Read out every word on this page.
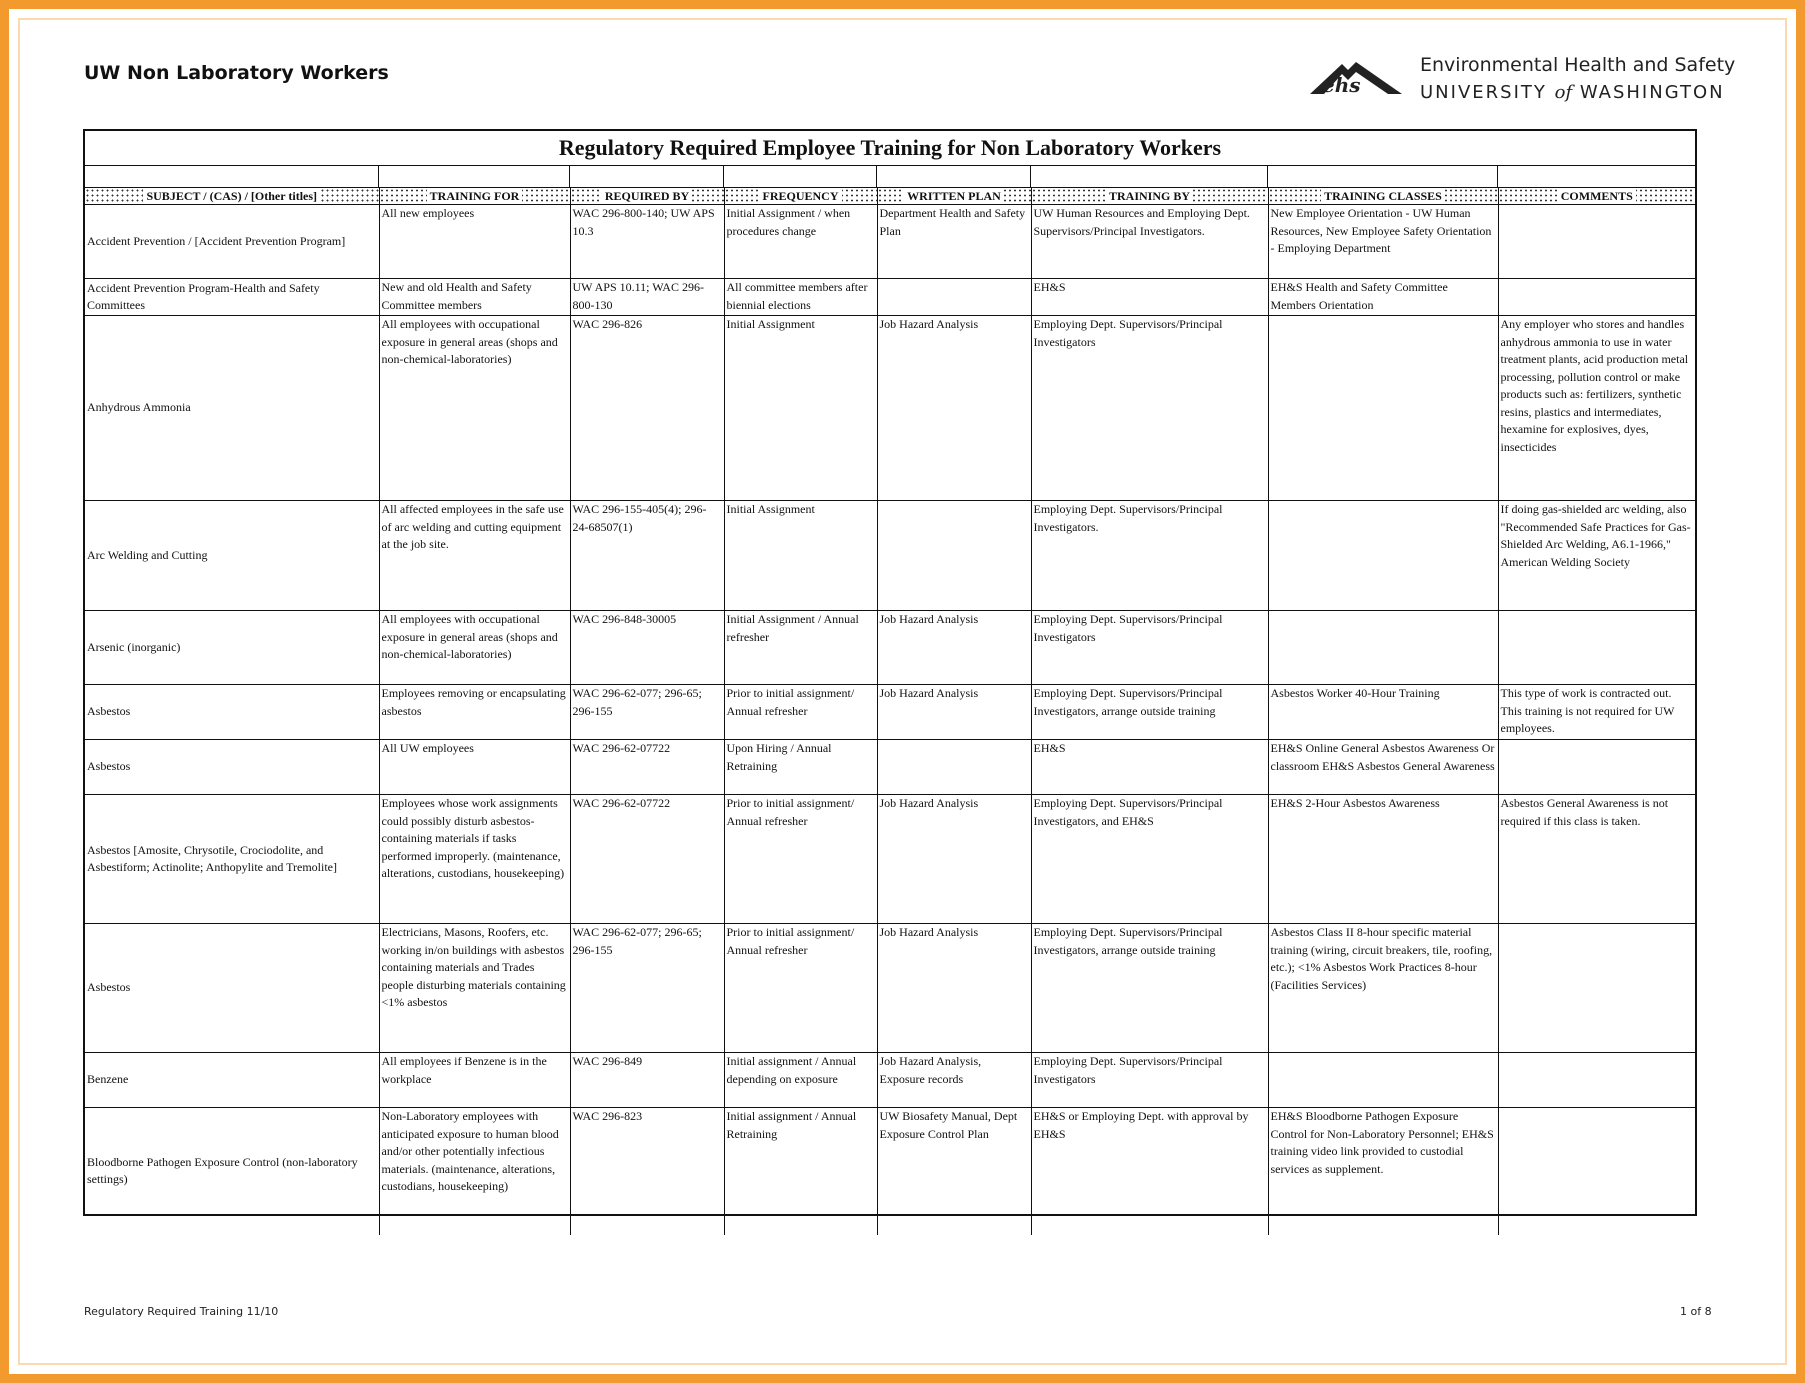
UW Non Laboratory Workers	ehs
Environmental Health and Safety
UNIVERSITY of WASHINGTON
Regulatory Required Employee Training for Non Laboratory Workers
SUBJECT / (CAS) / [Other titles]	TRAINING FOR	REQUIRED BY	FREQUENCY	WRITTEN PLAN	TRAINING BY	TRAINING CLASSES	COMMENTS
Accident Prevention / [Accident Prevention Program]	All new employees	WAC 296-800-140; UW APS 10.3	Initial Assignment / when procedures change	Department Health and Safety Plan	UW Human Resources and Employing Dept. Supervisors/Principal Investigators.	New Employee Orientation - UW Human Resources, New Employee Safety Orientation - Employing Department	
Accident Prevention Program-Health and Safety Committees	New and old Health and Safety Committee members	UW APS 10.11; WAC 296-800-130	All committee members after biennial elections		EH&S	EH&S Health and Safety Committee Members Orientation	
Anhydrous Ammonia	All employees with occupational exposure in general areas (shops and non-chemical-laboratories)	WAC 296-826	Initial Assignment	Job Hazard Analysis	Employing Dept. Supervisors/Principal Investigators		Any employer who stores and handles anhydrous ammonia to use in water treatment plants, acid production metal processing, pollution control or make products such as: fertilizers, synthetic resins, plastics and intermediates, hexamine for explosives, dyes, insecticides
Arc Welding and Cutting	All affected employees in the safe use of arc welding and cutting equipment at the job site.	WAC 296-155-405(4); 296-24-68507(1)	Initial Assignment		Employing Dept. Supervisors/Principal Investigators.		If doing gas-shielded arc welding, also "Recommended Safe Practices for Gas-Shielded Arc Welding, A6.1-1966," American Welding Society
Arsenic (inorganic)	All employees with occupational exposure in general areas (shops and non-chemical-laboratories)	WAC 296-848-30005	Initial Assignment / Annual refresher	Job Hazard Analysis	Employing Dept. Supervisors/Principal Investigators		
Asbestos	Employees removing or encapsulating asbestos	WAC 296-62-077; 296-65; 296-155	Prior to initial assignment/ Annual refresher	Job Hazard Analysis	Employing Dept. Supervisors/Principal Investigators, arrange outside training	Asbestos Worker 40-Hour Training	This type of work is contracted out. This training is not required for UW employees.
Asbestos	All UW employees	WAC 296-62-07722	Upon Hiring / Annual Retraining		EH&S	EH&S Online General Asbestos Awareness Or classroom EH&S Asbestos General Awareness	
Asbestos [Amosite, Chrysotile, Crociodolite, and Asbestiform; Actinolite; Anthopylite and Tremolite]	Employees whose work assignments could possibly disturb asbestos-containing materials if tasks performed improperly. (maintenance, alterations, custodians, housekeeping)	WAC 296-62-07722	Prior to initial assignment/ Annual refresher	Job Hazard Analysis	Employing Dept. Supervisors/Principal Investigators, and EH&S	EH&S 2-Hour Asbestos Awareness	Asbestos General Awareness is not required if this class is taken.
Asbestos	Electricians, Masons, Roofers, etc. working in/on buildings with asbestos containing materials and Trades people disturbing materials containing <1% asbestos	WAC 296-62-077; 296-65; 296-155	Prior to initial assignment/ Annual refresher	Job Hazard Analysis	Employing Dept. Supervisors/Principal Investigators, arrange outside training	Asbestos Class II 8-hour specific material training (wiring, circuit breakers, tile, roofing, etc.); <1% Asbestos Work Practices 8-hour (Facilities Services)	
Benzene	All employees if Benzene is in the workplace	WAC 296-849	Initial assignment / Annual depending on exposure	Job Hazard Analysis, Exposure records	Employing Dept. Supervisors/Principal Investigators		
Bloodborne Pathogen Exposure Control (non-laboratory settings)	Non-Laboratory employees with anticipated exposure to human blood and/or other potentially infectious materials. (maintenance, alterations, custodians, housekeeping)	WAC 296-823	Initial assignment / Annual Retraining	UW Biosafety Manual, Dept Exposure Control Plan	EH&S or Employing Dept. with approval by EH&S	EH&S Bloodborne Pathogen Exposure Control for Non-Laboratory Personnel; EH&S training video link provided to custodial services as supplement.	
Regulatory Required Training 11/10	1 of 8
